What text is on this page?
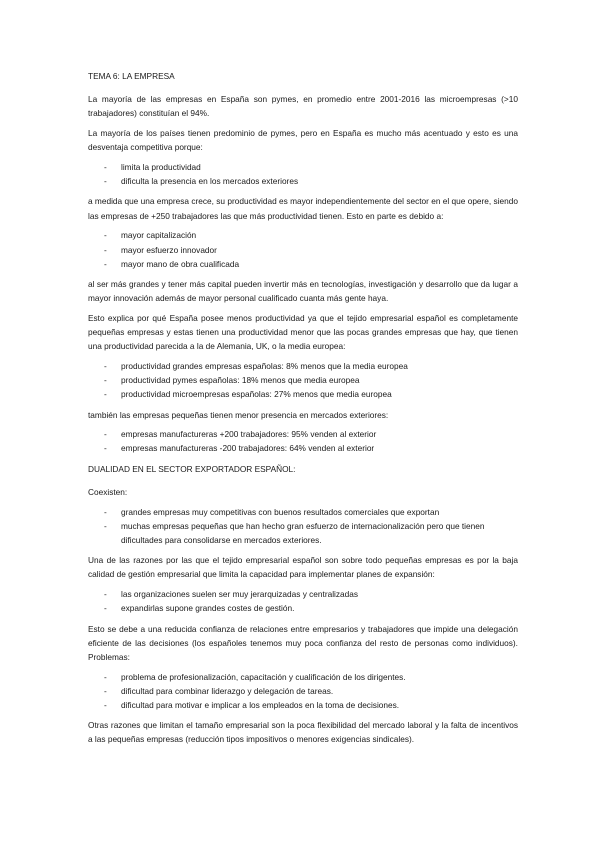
TEMA 6: LA EMPRESA

La mayoría de las empresas en España son pymes, en promedio entre 2001-2016 las microempresas (>10 trabajadores) constituían el 94%.

La mayoría de los países tienen predominio de pymes, pero en España es mucho más acentuado y esto es una desventaja competitiva porque:

- limita la productividad
- dificulta la presencia en los mercados exteriores

a medida que una empresa crece, su productividad es mayor independientemente del sector en el que opere, siendo las empresas de +250 trabajadores las que más productividad tienen. Esto en parte es debido a:

- mayor capitalización
- mayor esfuerzo innovador
- mayor mano de obra cualificada

al ser más grandes y tener más capital pueden invertir más en tecnologías, investigación y desarrollo que da lugar a mayor innovación además de mayor personal cualificado cuanta más gente haya.

Esto explica por qué España posee menos productividad ya que el tejido empresarial español es completamente pequeñas empresas y estas tienen una productividad menor que las pocas grandes empresas que hay, que tienen una productividad parecida a la de Alemania, UK, o la media europea:

- productividad grandes empresas españolas: 8% menos que la media europea
- productividad pymes españolas: 18% menos que media europea
- productividad microempresas españolas: 27% menos que media europea

también las empresas pequeñas tienen menor presencia en mercados exteriores:

- empresas manufactureras +200 trabajadores: 95% venden al exterior
- empresas manufactureras -200 trabajadores: 64% venden al exterior
DUALIDAD EN EL SECTOR EXPORTADOR ESPAÑOL:

Coexisten:

- grandes empresas muy competitivas con buenos resultados comerciales que exportan
- muchas empresas pequeñas que han hecho gran esfuerzo de internacionalización pero que tienen dificultades para consolidarse en mercados exteriores.

Una de las razones por las que el tejido empresarial español son sobre todo pequeñas empresas es por la baja calidad de gestión empresarial que limita la capacidad para implementar planes de expansión:

- las organizaciones suelen ser muy jerarquizadas y centralizadas
- expandirlas supone grandes costes de gestión.

Esto se debe a una reducida confianza de relaciones entre empresarios y trabajadores que impide una delegación eficiente de las decisiones (los españoles tenemos muy poca confianza del resto de personas como individuos). Problemas:

- problema de profesionalización, capacitación y cualificación de los dirigentes.
- dificultad para combinar liderazgo y delegación de tareas.
- dificultad para motivar e implicar a los empleados en la toma de decisiones.

Otras razones que limitan el tamaño empresarial son la poca flexibilidad del mercado laboral y la falta de incentivos a las pequeñas empresas (reducción tipos impositivos o menores exigencias sindicales).
